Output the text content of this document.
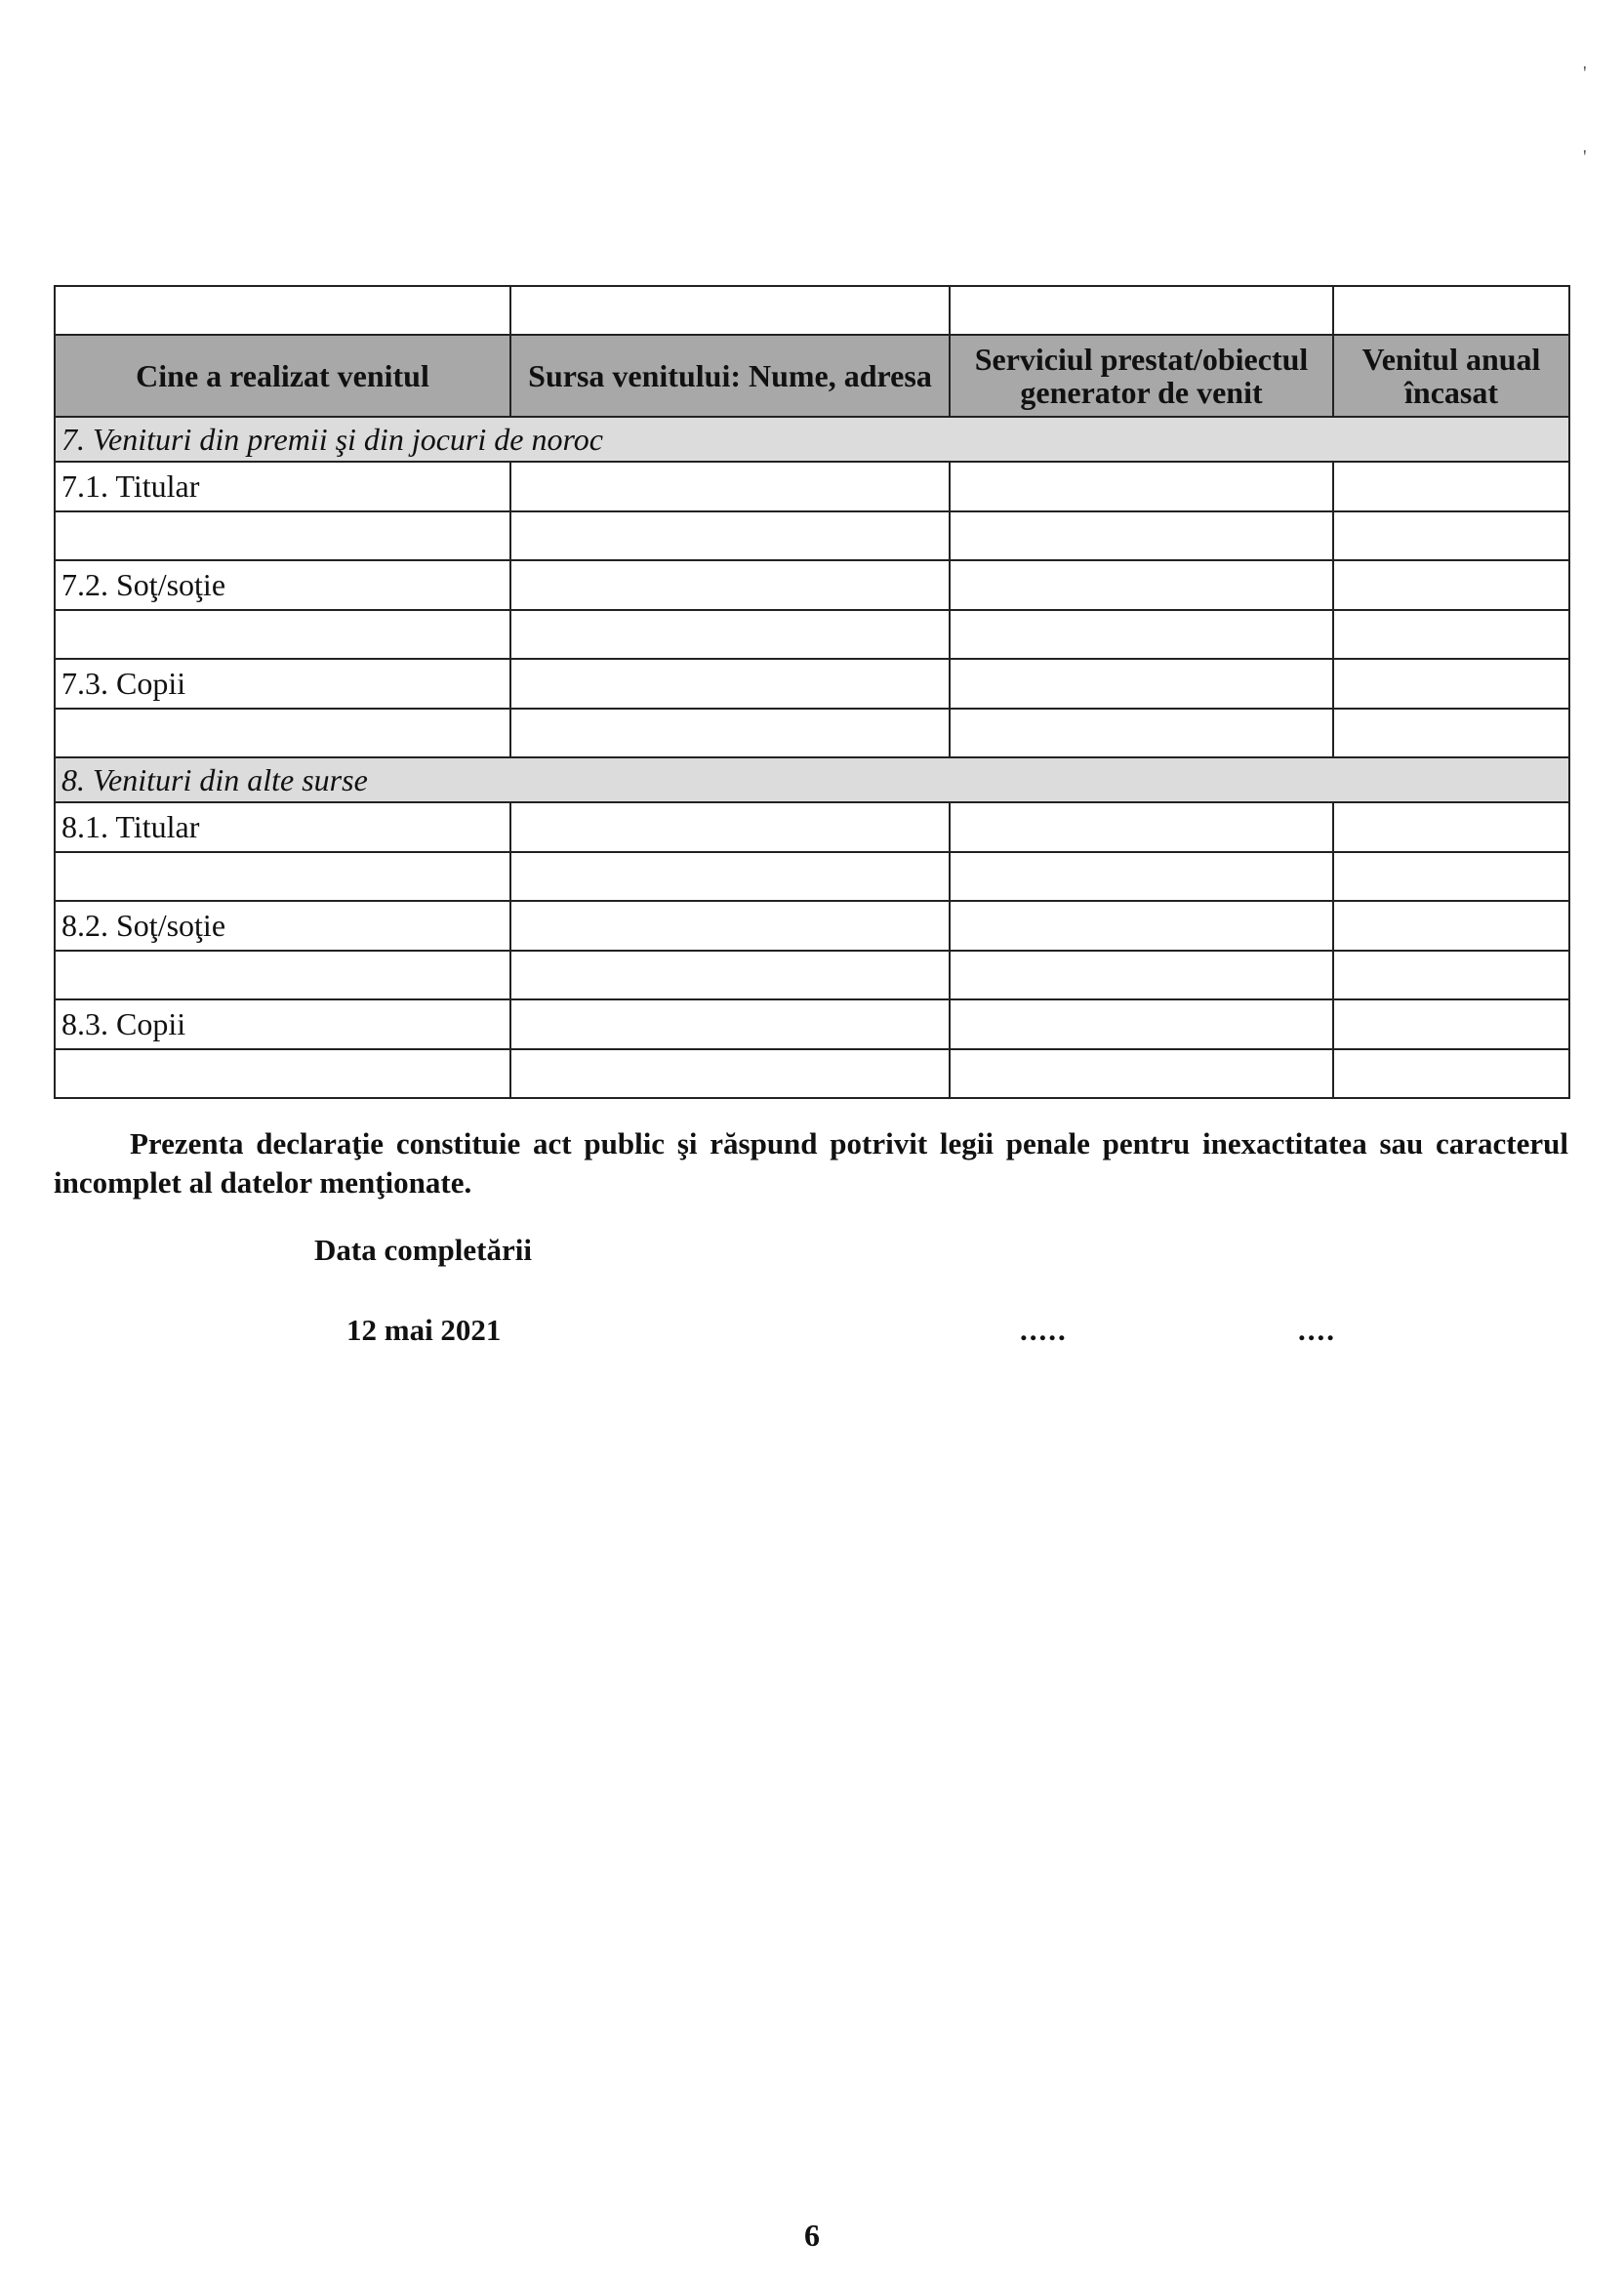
'
'

Cine a realizat venitul	Sursa venitului: Nume, adresa	Serviciul prestat/obiectul generator de venit	Venitul anual încasat
7. Venituri din premii şi din jocuri de noroc			
7.1. Titular			

7.2. Soţ/soţie			

7.3. Copii			

8. Venituri din alte surse			
8.1. Titular			

8.2. Soţ/soţie			

8.3. Copii			

Prezenta declaraţie constituie act public şi răspund potrivit legii penale pentru inexactitatea sau caracterul incomplet al datelor menţionate.
Data completării
12 mai 2021	.....	....
6
